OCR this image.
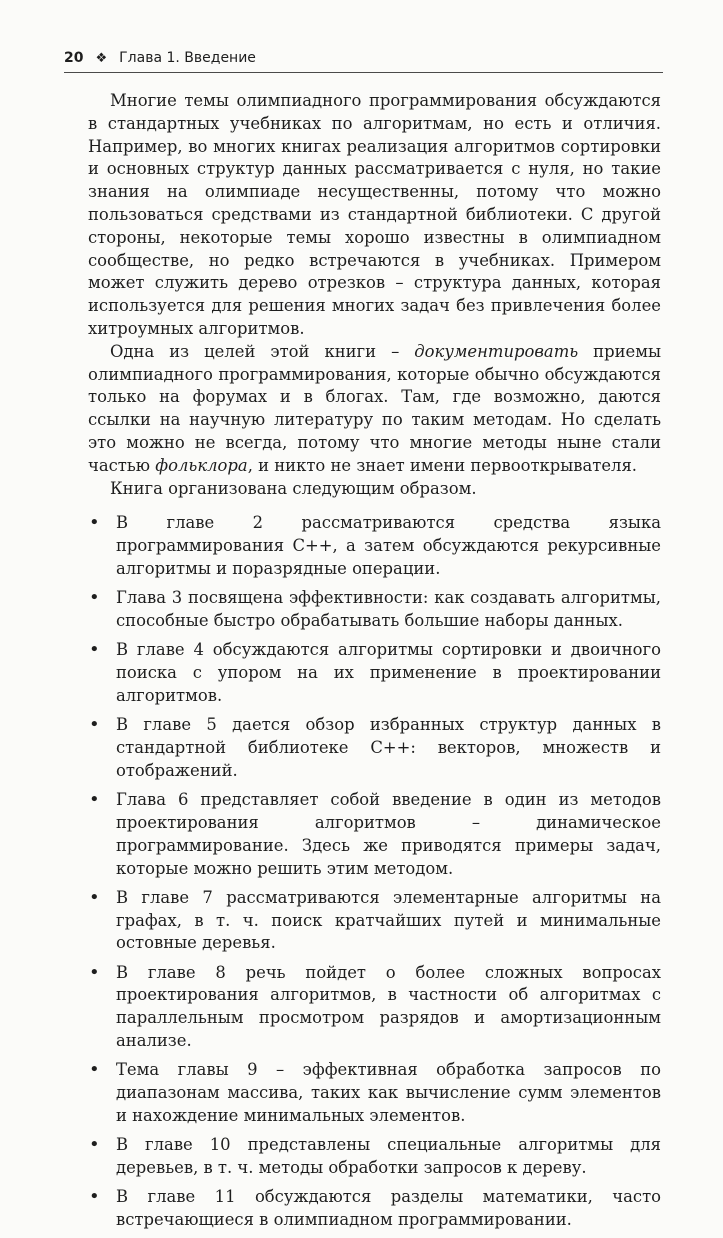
20 ❖ Глава 1. Введение

Многие темы олимпиадного программирования обсуждаются в стандартных учебниках по алгоритмам, но есть и отличия. Например, во многих книгах реализация алгоритмов сортировки и основных структур данных рассматривается с нуля, но такие знания на олимпиаде несущественны, потому что можно пользоваться средствами из стандартной библиотеки. С другой стороны, некоторые темы хорошо известны в олимпиадном сообществе, но редко встречаются в учебниках. Примером может служить дерево отрезков – структура данных, которая используется для решения многих задач без привлечения более хитроумных алгоритмов.

Одна из целей этой книги – документировать приемы олимпиадного программирования, которые обычно обсуждаются только на форумах и в блогах. Там, где возможно, даются ссылки на научную литературу по таким методам. Но сделать это можно не всегда, потому что многие методы ныне стали частью фольклора, и никто не знает имени первооткрывателя.

Книга организована следующим образом.

• В главе 2 рассматриваются средства языка программирования C++, а затем обсуждаются рекурсивные алгоритмы и поразрядные операции.
• Глава 3 посвящена эффективности: как создавать алгоритмы, способные быстро обрабатывать большие наборы данных.
• В главе 4 обсуждаются алгоритмы сортировки и двоичного поиска с упором на их применение в проектировании алгоритмов.
• В главе 5 дается обзор избранных структур данных в стандартной библиотеке C++: векторов, множеств и отображений.
• Глава 6 представляет собой введение в один из методов проектирования алгоритмов – динамическое программирование. Здесь же приводятся примеры задач, которые можно решить этим методом.
• В главе 7 рассматриваются элементарные алгоритмы на графах, в т. ч. поиск кратчайших путей и минимальные остовные деревья.
• В главе 8 речь пойдет о более сложных вопросах проектирования алгоритмов, в частности об алгоритмах с параллельным просмотром разрядов и амортизационным анализе.
• Тема главы 9 – эффективная обработка запросов по диапазонам массива, таких как вычисление сумм элементов и нахождение минимальных элементов.
• В главе 10 представлены специальные алгоритмы для деревьев, в т. ч. методы обработки запросов к дереву.
• В главе 11 обсуждаются разделы математики, часто встречающиеся в олимпиадном программировании.
